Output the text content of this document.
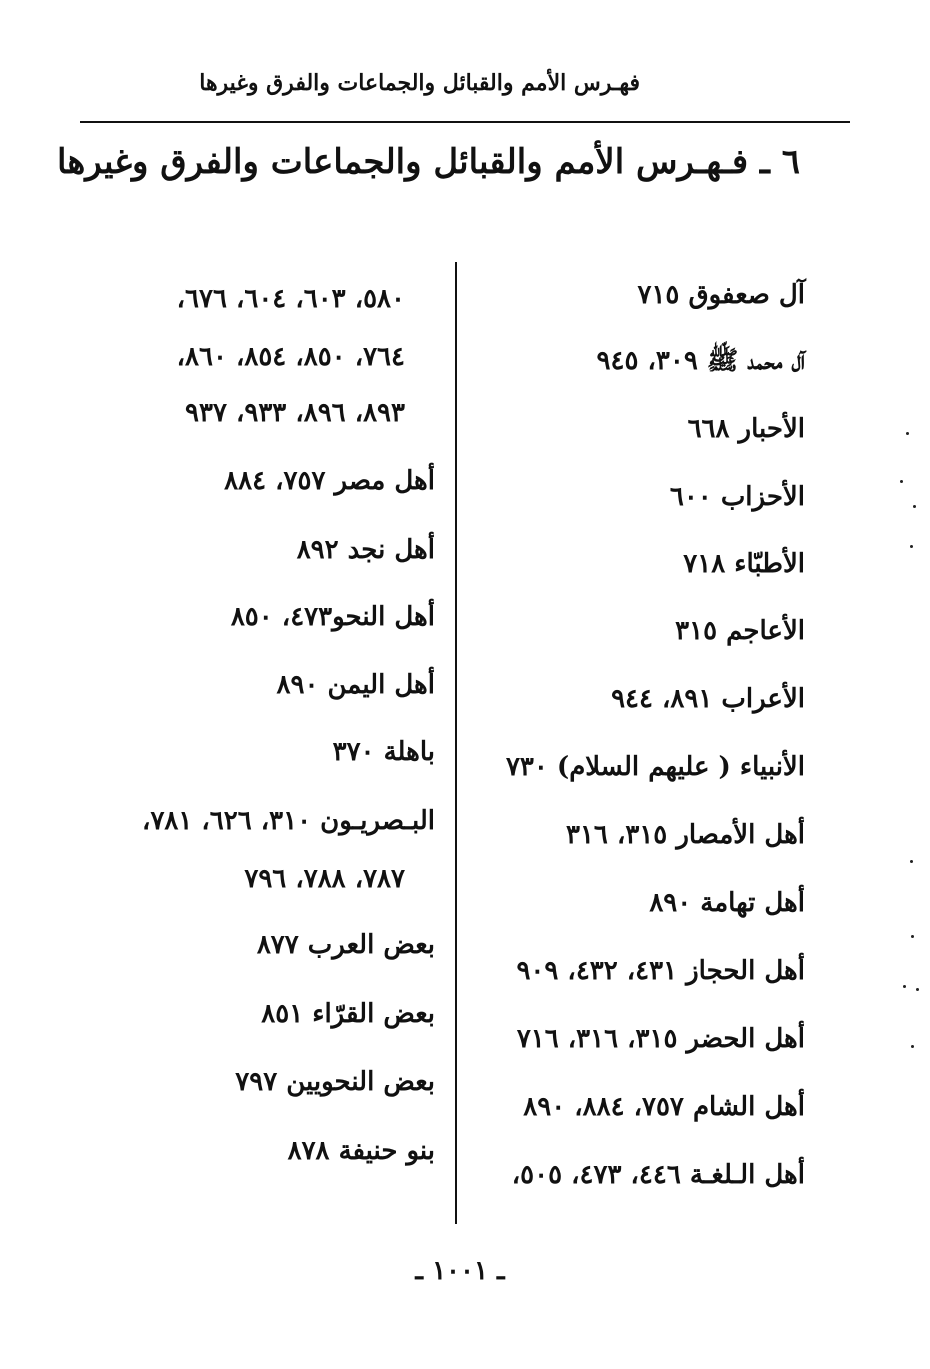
فهـرس الأمم والقبائل والجماعات والفرق وغيرها
٦ ـ فـهـرس الأمم والقبائل والجماعات والفرق وغيرها
آل صعفوق ٧١٥
آل محمد ﷺ ٣٠٩، ٩٤٥
الأحبار ٦٦٨
الأحزاب ٦٠٠
الأطبّاء ٧١٨
الأعاجم ٣١٥
الأعراب ٨٩١، ٩٤٤
الأنبياء ( عليهم السلام) ٧٣٠
أهل الأمصار ٣١٥، ٣١٦
أهل تهامة ٨٩٠
أهل الحجاز ٤٣١، ٤٣٢، ٩٠٩
أهل الحضر ٣١٥، ٣١٦، ٧١٦
أهل الشام ٧٥٧، ٨٨٤، ٨٩٠
أهل الـلغـة ٤٤٦، ٤٧٣، ٥٠٥،
٥٨٠، ٦٠٣، ٦٠٤، ٦٧٦،
٧٦٤، ٨٥٠، ٨٥٤، ٨٦٠،
٨٩٣، ٨٩٦، ٩٣٣، ٩٣٧
أهل مصر ٧٥٧، ٨٨٤
أهل نجد ٨٩٢
أهل النحو٤٧٣، ٨٥٠
أهل اليمن ٨٩٠
باهلة ٣٧٠
البـصريـون ٣١٠، ٦٢٦، ٧٨١،
٧٨٧، ٧٨٨، ٧٩٦
بعض العرب ٨٧٧
بعض القرّاء ٨٥١
بعض النحويين ٧٩٧
بنو حنيفة ٨٧٨
ـ ١٠٠١ ـ
